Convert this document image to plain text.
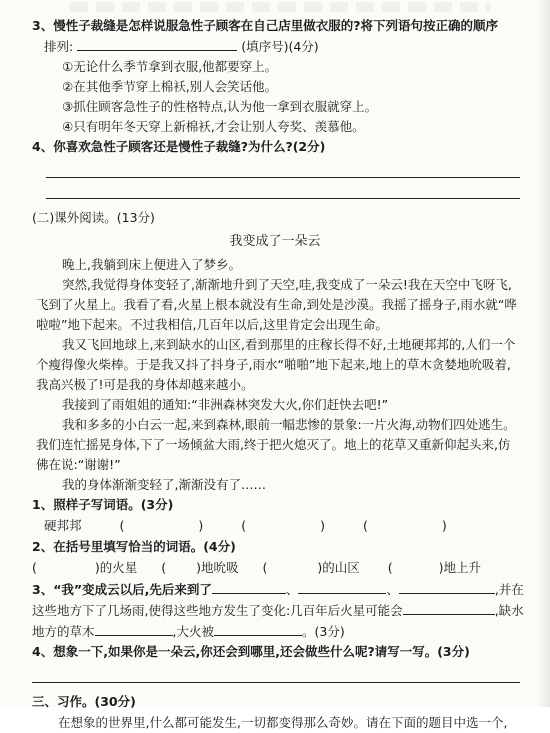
3、慢性子裁缝是怎样说服急性子顾客在自己店里做衣服的?将下列语句按正确的顺序

排列:	(填序号)(4分)

①无论什么季节拿到衣服,他都要穿上。

②在其他季节穿上棉袄,别人会笑话他。

③抓住顾客急性子的性格特点,认为他一拿到衣服就穿上。

④只有明年冬天穿上新棉袄,才会让别人夸奖、羡慕他。

4、你喜欢急性子顾客还是慢性子裁缝?为什么?(2分)

(二)课外阅读。(13分)

我变成了一朵云

晚上,我躺到床上便进入了梦乡。

突然,我觉得身体变轻了,渐渐地升到了天空,哇,我变成了一朵云!我在天空中飞呀飞,飞到了火星上。我看了看,火星上根本就没有生命,到处是沙漠。我摇了摇身子,雨水就“哗啦啦”地下起来。不过我相信,几百年以后,这里肯定会出现生命。

我又飞回地球上,来到缺水的山区,看到那里的庄稼长得不好,土地硬邦邦的,人们一个个瘦得像火柴棒。于是我又抖了抖身子,雨水“啪啪”地下起来,地上的草木贪婪地吮吸着,我高兴极了!可是我的身体却越来越小。

我接到了雨姐姐的通知:“非洲森林突发大火,你们赶快去吧!”

我和多多的小白云一起,来到森林,眼前一幅悲惨的景象:一片火海,动物们四处逃生。我们连忙摇晃身体,下了一场倾盆大雨,终于把火熄灭了。地上的花草又重新仰起头来,仿佛在说:“谢谢!”

我的身体渐渐变轻了,渐渐没有了……

1、照样子写词语。(3分)

硬邦邦	(	)	(	)	(	)

2、在括号里填写恰当的词语。(4分)

(	)的火星 ( )地吮吸 (	)的山区 (	)地上升

3、“我”变成云以后,先后来到了	、	、	,并在

这些地方下了几场雨,使得这些地方发生了变化:几百年后火星可能会	,缺水

地方的草木	,大火被	。(3分)

4、想象一下,如果你是一朵云,你还会到哪里,还会做些什么呢?请写一写。(3分)

三、习作。(30分)

在想象的世界里,什么都可能发生,一切都变得那么奇妙。请在下面的题目中选一个,
